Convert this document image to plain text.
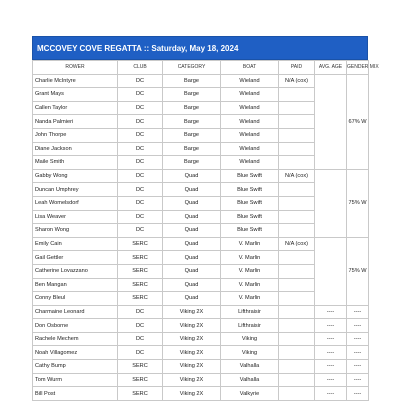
MCCOVEY COVE REGATTA :: Saturday, May 18, 2024
ROWER	CLUB	CATEGORY	BOAT	PAID	AVG. AGE	GENDER MIX
Charlie McIntyre	DC	Barge	Wieland	N/A (cox)		67% W
Grant Mays	DC	Barge	Wieland			
Callen Taylor	DC	Barge	Wieland			
Nanda Palmieri	DC	Barge	Wieland			
John Thorpe	DC	Barge	Wieland			
Diane Jackson	DC	Barge	Wieland			
Maile Smith	DC	Barge	Wieland			
Gabby Wong	DC	Quad	Blue Swift	N/A (cox)		75% W
Duncan Umphrey	DC	Quad	Blue Swift			
Leah Womelsdorf	DC	Quad	Blue Swift			
Lisa Weaver	DC	Quad	Blue Swift			
Sharon Wong	DC	Quad	Blue Swift			
Emily Cain	SERC	Quad	V. Marlin	N/A (cox)		75% W
Gail Gettler	SERC	Quad	V. Marlin			
Catherine Lovazzano	SERC	Quad	V. Marlin			
Ben Mangan	SERC	Quad	V. Marlin			
Conny Bleul	SERC	Quad	V. Marlin			
Charmaine Leonard	DC	Viking 2X	Lifthraisir		----	----
Don Osborne	DC	Viking 2X	Lifthraisir		----	----
Rachele Mechem	DC	Viking 2X	Viking		----	----
Noah Villagomez	DC	Viking 2X	Viking		----	----
Cathy Bump	SERC	Viking 2X	Valhalla		----	----
Tom Wurm	SERC	Viking 2X	Valhalla		----	----
Bill Post	SERC	Viking 2X	Valkyrie		----	----
